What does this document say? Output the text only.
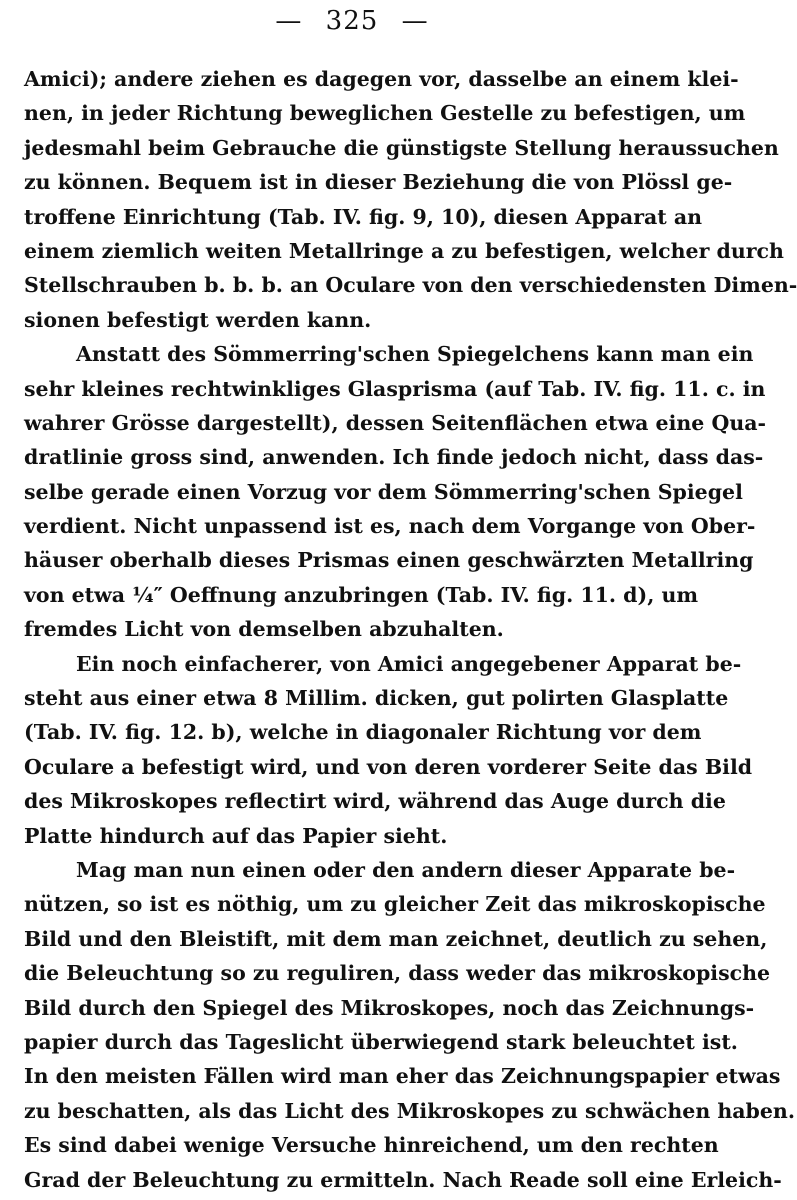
— 325 —
Amici); andere ziehen es dagegen vor, dasselbe an einem klei-
nen, in jeder Richtung beweglichen Gestelle zu befestigen, um
jedesmahl beim Gebrauche die günstigste Stellung heraussuchen
zu können. Bequem ist in dieser Beziehung die von Plössl ge-
troffene Einrichtung (Tab. IV. fig. 9, 10), diesen Apparat an
einem ziemlich weiten Metallringe a zu befestigen, welcher durch
Stellschrauben b. b. b. an Oculare von den verschiedensten Dimen-
sionen befestigt werden kann.
Anstatt des Sömmerring'schen Spiegelchens kann man ein
sehr kleines rechtwinkliges Glasprisma (auf Tab. IV. fig. 11. c. in
wahrer Grösse dargestellt), dessen Seitenflächen etwa eine Qua-
dratlinie gross sind, anwenden. Ich finde jedoch nicht, dass das-
selbe gerade einen Vorzug vor dem Sömmerring'schen Spiegel
verdient. Nicht unpassend ist es, nach dem Vorgange von Ober-
häuser oberhalb dieses Prismas einen geschwärzten Metallring
von etwa ¼″ Oeffnung anzubringen (Tab. IV. fig. 11. d), um
fremdes Licht von demselben abzuhalten.
Ein noch einfacherer, von Amici angegebener Apparat be-
steht aus einer etwa 8 Millim. dicken, gut polirten Glasplatte
(Tab. IV. fig. 12. b), welche in diagonaler Richtung vor dem
Oculare a befestigt wird, und von deren vorderer Seite das Bild
des Mikroskopes reflectirt wird, während das Auge durch die
Platte hindurch auf das Papier sieht.
Mag man nun einen oder den andern dieser Apparate be-
nützen, so ist es nöthig, um zu gleicher Zeit das mikroskopische
Bild und den Bleistift, mit dem man zeichnet, deutlich zu sehen,
die Beleuchtung so zu reguliren, dass weder das mikroskopische
Bild durch den Spiegel des Mikroskopes, noch das Zeichnungs-
papier durch das Tageslicht überwiegend stark beleuchtet ist.
In den meisten Fällen wird man eher das Zeichnungspapier etwas
zu beschatten, als das Licht des Mikroskopes zu schwächen haben.
Es sind dabei wenige Versuche hinreichend, um den rechten
Grad der Beleuchtung zu ermitteln. Nach Reade soll eine Erleich-
